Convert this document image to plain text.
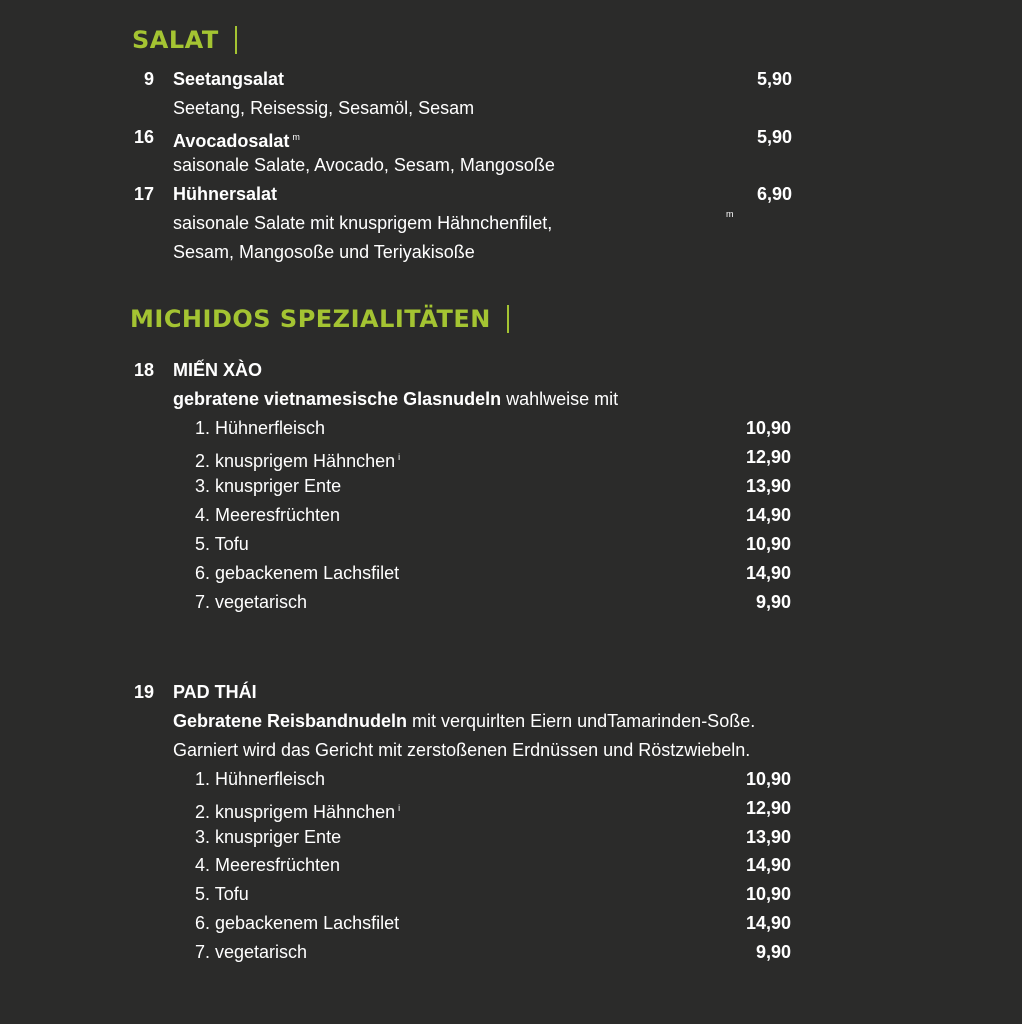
SALAT
9 Seetangsalat	5,90
Seetang, Reisessig, Sesamöl, Sesam
16 Avocadosalat $^m$	5,90
saisonale Salate, Avocado, Sesam, Mangosoße
17 Hühnersalat	6,90
saisonale Salate mit knusprigem Hähnchenfilet,	m
Sesam, Mangosoße und Teriyakisoße
MICHIDOS SPEZIALITÄTEN
18 MIẾN XÀO
gebratene vietnamesische Glasnudeln wahlweise mit
1. Hühnerfleisch	10,90
2. knusprigem Hähnchen $^i$	12,90
3. knuspriger Ente	13,90
4. Meeresfrüchten	14,90
5. Tofu	10,90
6. gebackenem Lachsfilet	14,90
7. vegetarisch	9,90
19 PAD THÁI
Gebratene Reisbandnudeln mit verquirlten Eiern undTamarinden-Soße.
Garniert wird das Gericht mit zerstoßenen Erdnüssen und Röstzwiebeln.
1. Hühnerfleisch	10,90
2. knusprigem Hähnchen $^i$	12,90
3. knuspriger Ente	13,90
4. Meeresfrüchten	14,90
5. Tofu	10,90
6. gebackenem Lachsfilet	14,90
7. vegetarisch	9,90
